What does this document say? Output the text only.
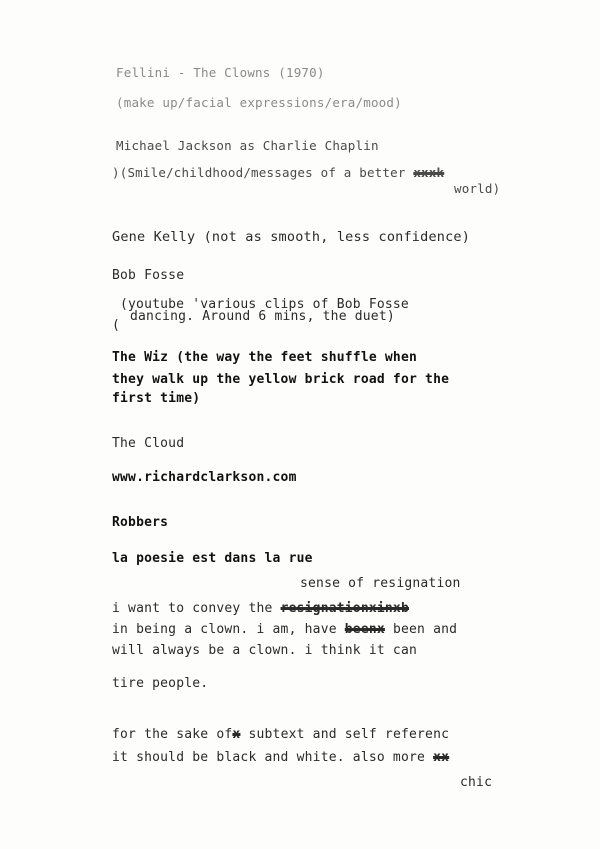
Fellini - The Clowns (1970)
(make up/facial expressions/era/mood)
Michael Jackson as Charlie Chaplin
)(Smile/childhood/messages of a better xxxk
world)
Gene Kelly (not as smooth, less confidence)
Bob Fosse
(youtube 'various clips of Bob Fosse
dancing. Around 6 mins, the duet)
(
The Wiz (the way the feet shuffle when
they walk up the yellow brick road for the
first time)
The Cloud
www.richardclarkson.com
Robbers
la poesie est dans la rue
sense of resignation
i want to convey the resignationxinxb
in being a clown. i am, have beenx been and
will always be a clown. i think it can
tire people.
for the sake ofx subtext and self referenc
it should be black and white. also more xx
chic
